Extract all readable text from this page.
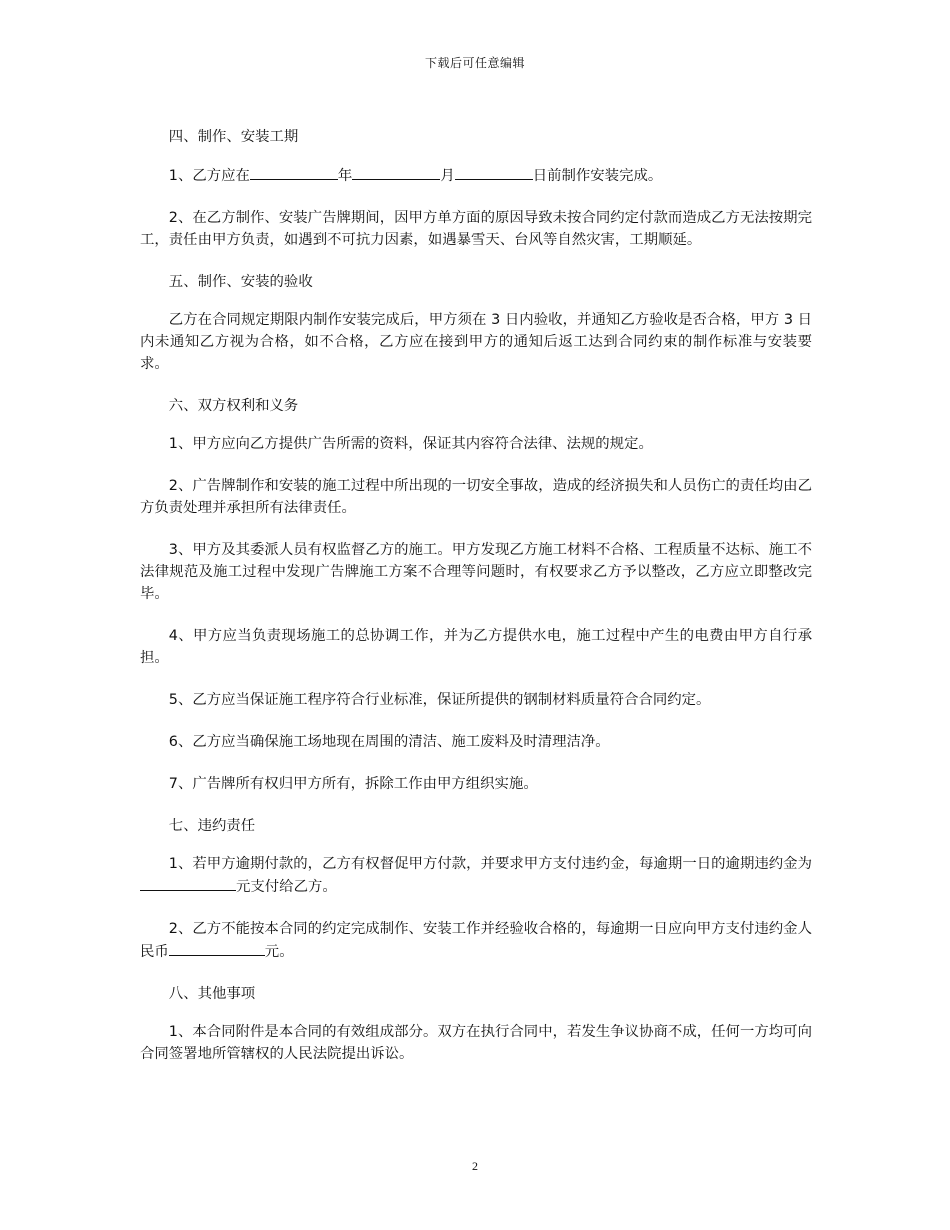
下载后可任意编辑

四、制作、安装工期

1、乙方应在	年	月	日前制作安装完成。

2、在乙方制作、安装广告牌期间，因甲方单方面的原因导致未按合同约定付款而造成乙方无法按期完工，责任由甲方负责，如遇到不可抗力因素，如遇暴雪天、台风等自然灾害，工期顺延。

五、制作、安装的验收

乙方在合同规定期限内制作安装完成后，甲方须在 3 日内验收，并通知乙方验收是否合格，甲方 3 日内未通知乙方视为合格，如不合格，乙方应在接到甲方的通知后返工达到合同约束的制作标准与安装要求。

六、双方权利和义务

1、甲方应向乙方提供广告所需的资料，保证其内容符合法律、法规的规定。

2、广告牌制作和安装的施工过程中所出现的一切安全事故，造成的经济损失和人员伤亡的责任均由乙方负责处理并承担所有法律责任。

3、甲方及其委派人员有权监督乙方的施工。甲方发现乙方施工材料不合格、工程质量不达标、施工不法律规范及施工过程中发现广告牌施工方案不合理等问题时，有权要求乙方予以整改，乙方应立即整改完毕。

4、甲方应当负责现场施工的总协调工作，并为乙方提供水电，施工过程中产生的电费由甲方自行承担。

5、乙方应当保证施工程序符合行业标准，保证所提供的钢制材料质量符合合同约定。

6、乙方应当确保施工场地现在周围的清洁、施工废料及时清理洁净。

7、广告牌所有权归甲方所有，拆除工作由甲方组织实施。

七、违约责任

1、若甲方逾期付款的，乙方有权督促甲方付款，并要求甲方支付违约金，每逾期一日的逾期违约金为元支付给乙方。

2、乙方不能按本合同的约定完成制作、安装工作并经验收合格的，每逾期一日应向甲方支付违约金人民币	元。

八、其他事项

1、本合同附件是本合同的有效组成部分。双方在执行合同中，若发生争议协商不成，任何一方均可向合同签署地所管辖权的人民法院提出诉讼。

2
